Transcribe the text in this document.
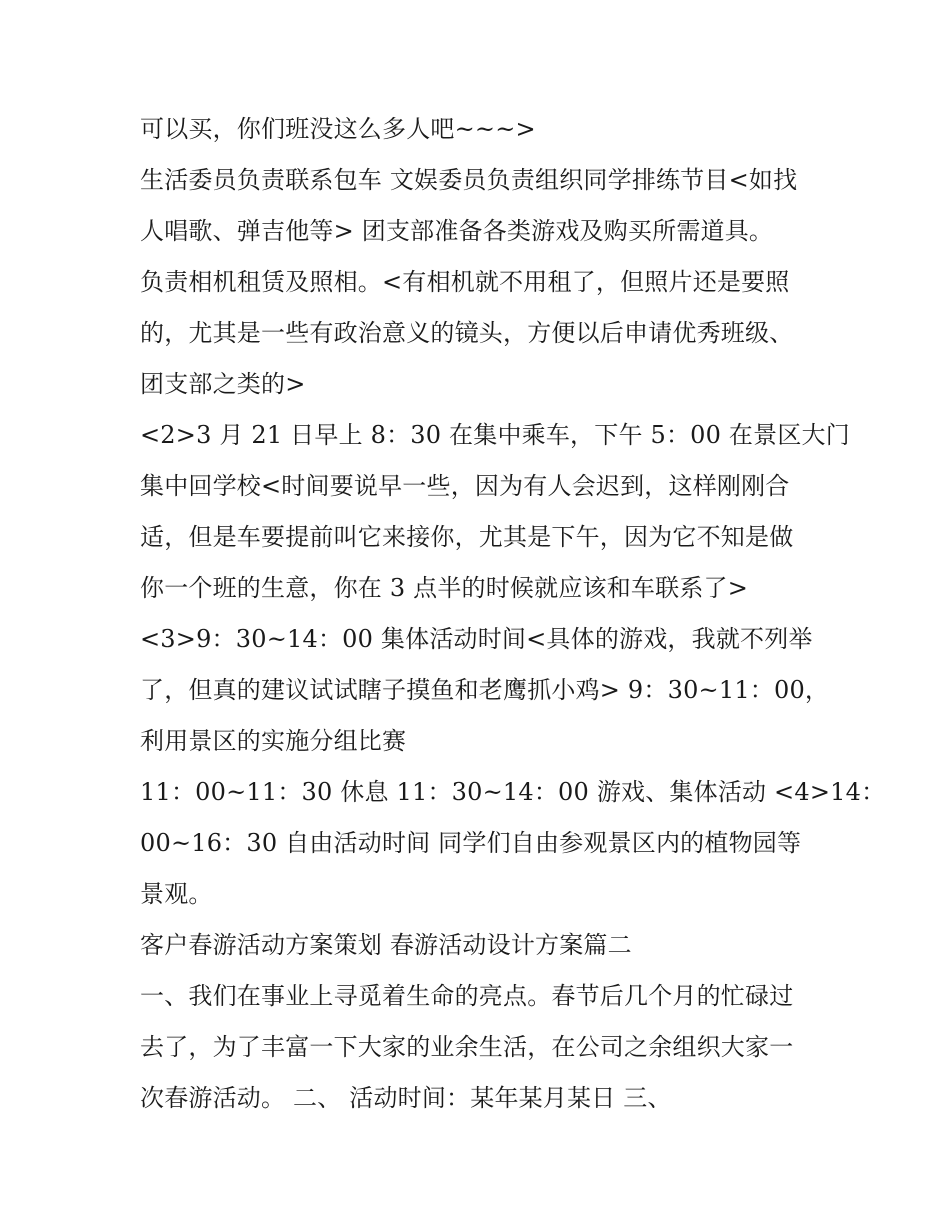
可以买，你们班没这么多人吧~~~>
生活委员负责联系包车 文娱委员负责组织同学排练节目<如找
人唱歌、弹吉他等> 团支部准备各类游戏及购买所需道具。
负责相机租赁及照相。<有相机就不用租了，但照片还是要照
的，尤其是一些有政治意义的镜头，方便以后申请优秀班级、
团支部之类的>
<2>3 月 21 日早上 8：30 在集中乘车，下午 5：00 在景区大门
集中回学校<时间要说早一些，因为有人会迟到，这样刚刚合
适，但是车要提前叫它来接你，尤其是下午，因为它不知是做
你一个班的生意，你在 3 点半的时候就应该和车联系了>
<3>9：30~14：00 集体活动时间<具体的游戏，我就不列举
了，但真的建议试试瞎子摸鱼和老鹰抓小鸡> 9：30~11：00，
利用景区的实施分组比赛
11：00~11：30 休息 11：30~14：00 游戏、集体活动 <4>14：
00~16：30 自由活动时间 同学们自由参观景区内的植物园等
景观。
客户春游活动方案策划 春游活动设计方案篇二
一、我们在事业上寻觅着生命的亮点。春节后几个月的忙碌过
去了，为了丰富一下大家的业余生活，在公司之余组织大家一
次春游活动。 二、 活动时间：某年某月某日 三、
